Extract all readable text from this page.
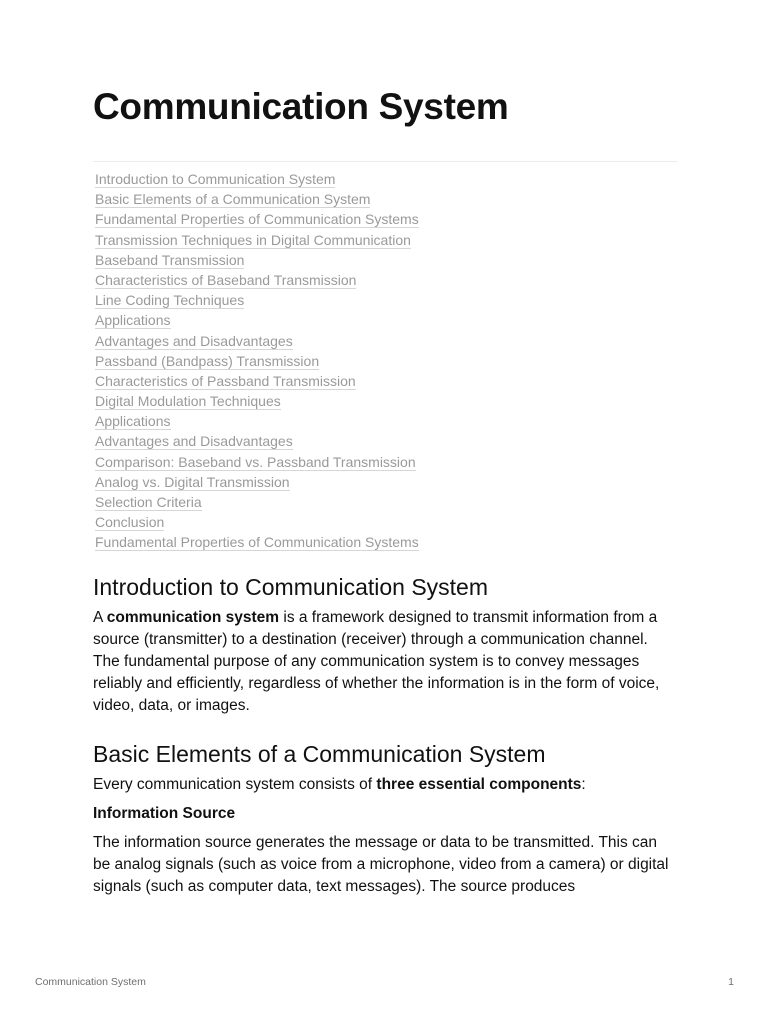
Communication System
Introduction to Communication System
Basic Elements of a Communication System
Fundamental Properties of Communication Systems
Transmission Techniques in Digital Communication
Baseband Transmission
Characteristics of Baseband Transmission
Line Coding Techniques
Applications
Advantages and Disadvantages
Passband (Bandpass) Transmission
Characteristics of Passband Transmission
Digital Modulation Techniques
Applications
Advantages and Disadvantages
Comparison: Baseband vs. Passband Transmission
Analog vs. Digital Transmission
Selection Criteria
Conclusion
Fundamental Properties of Communication Systems
Introduction to Communication System

A communication system is a framework designed to transmit information from a source (transmitter) to a destination (receiver) through a communication channel. The fundamental purpose of any communication system is to convey messages reliably and efficiently, regardless of whether the information is in the form of voice, video, data, or images.

Basic Elements of a Communication System

Every communication system consists of three essential components:

Information Source

The information source generates the message or data to be transmitted. This can be analog signals (such as voice from a microphone, video from a camera) or digital signals (such as computer data, text messages). The source produces

Communication System	1
